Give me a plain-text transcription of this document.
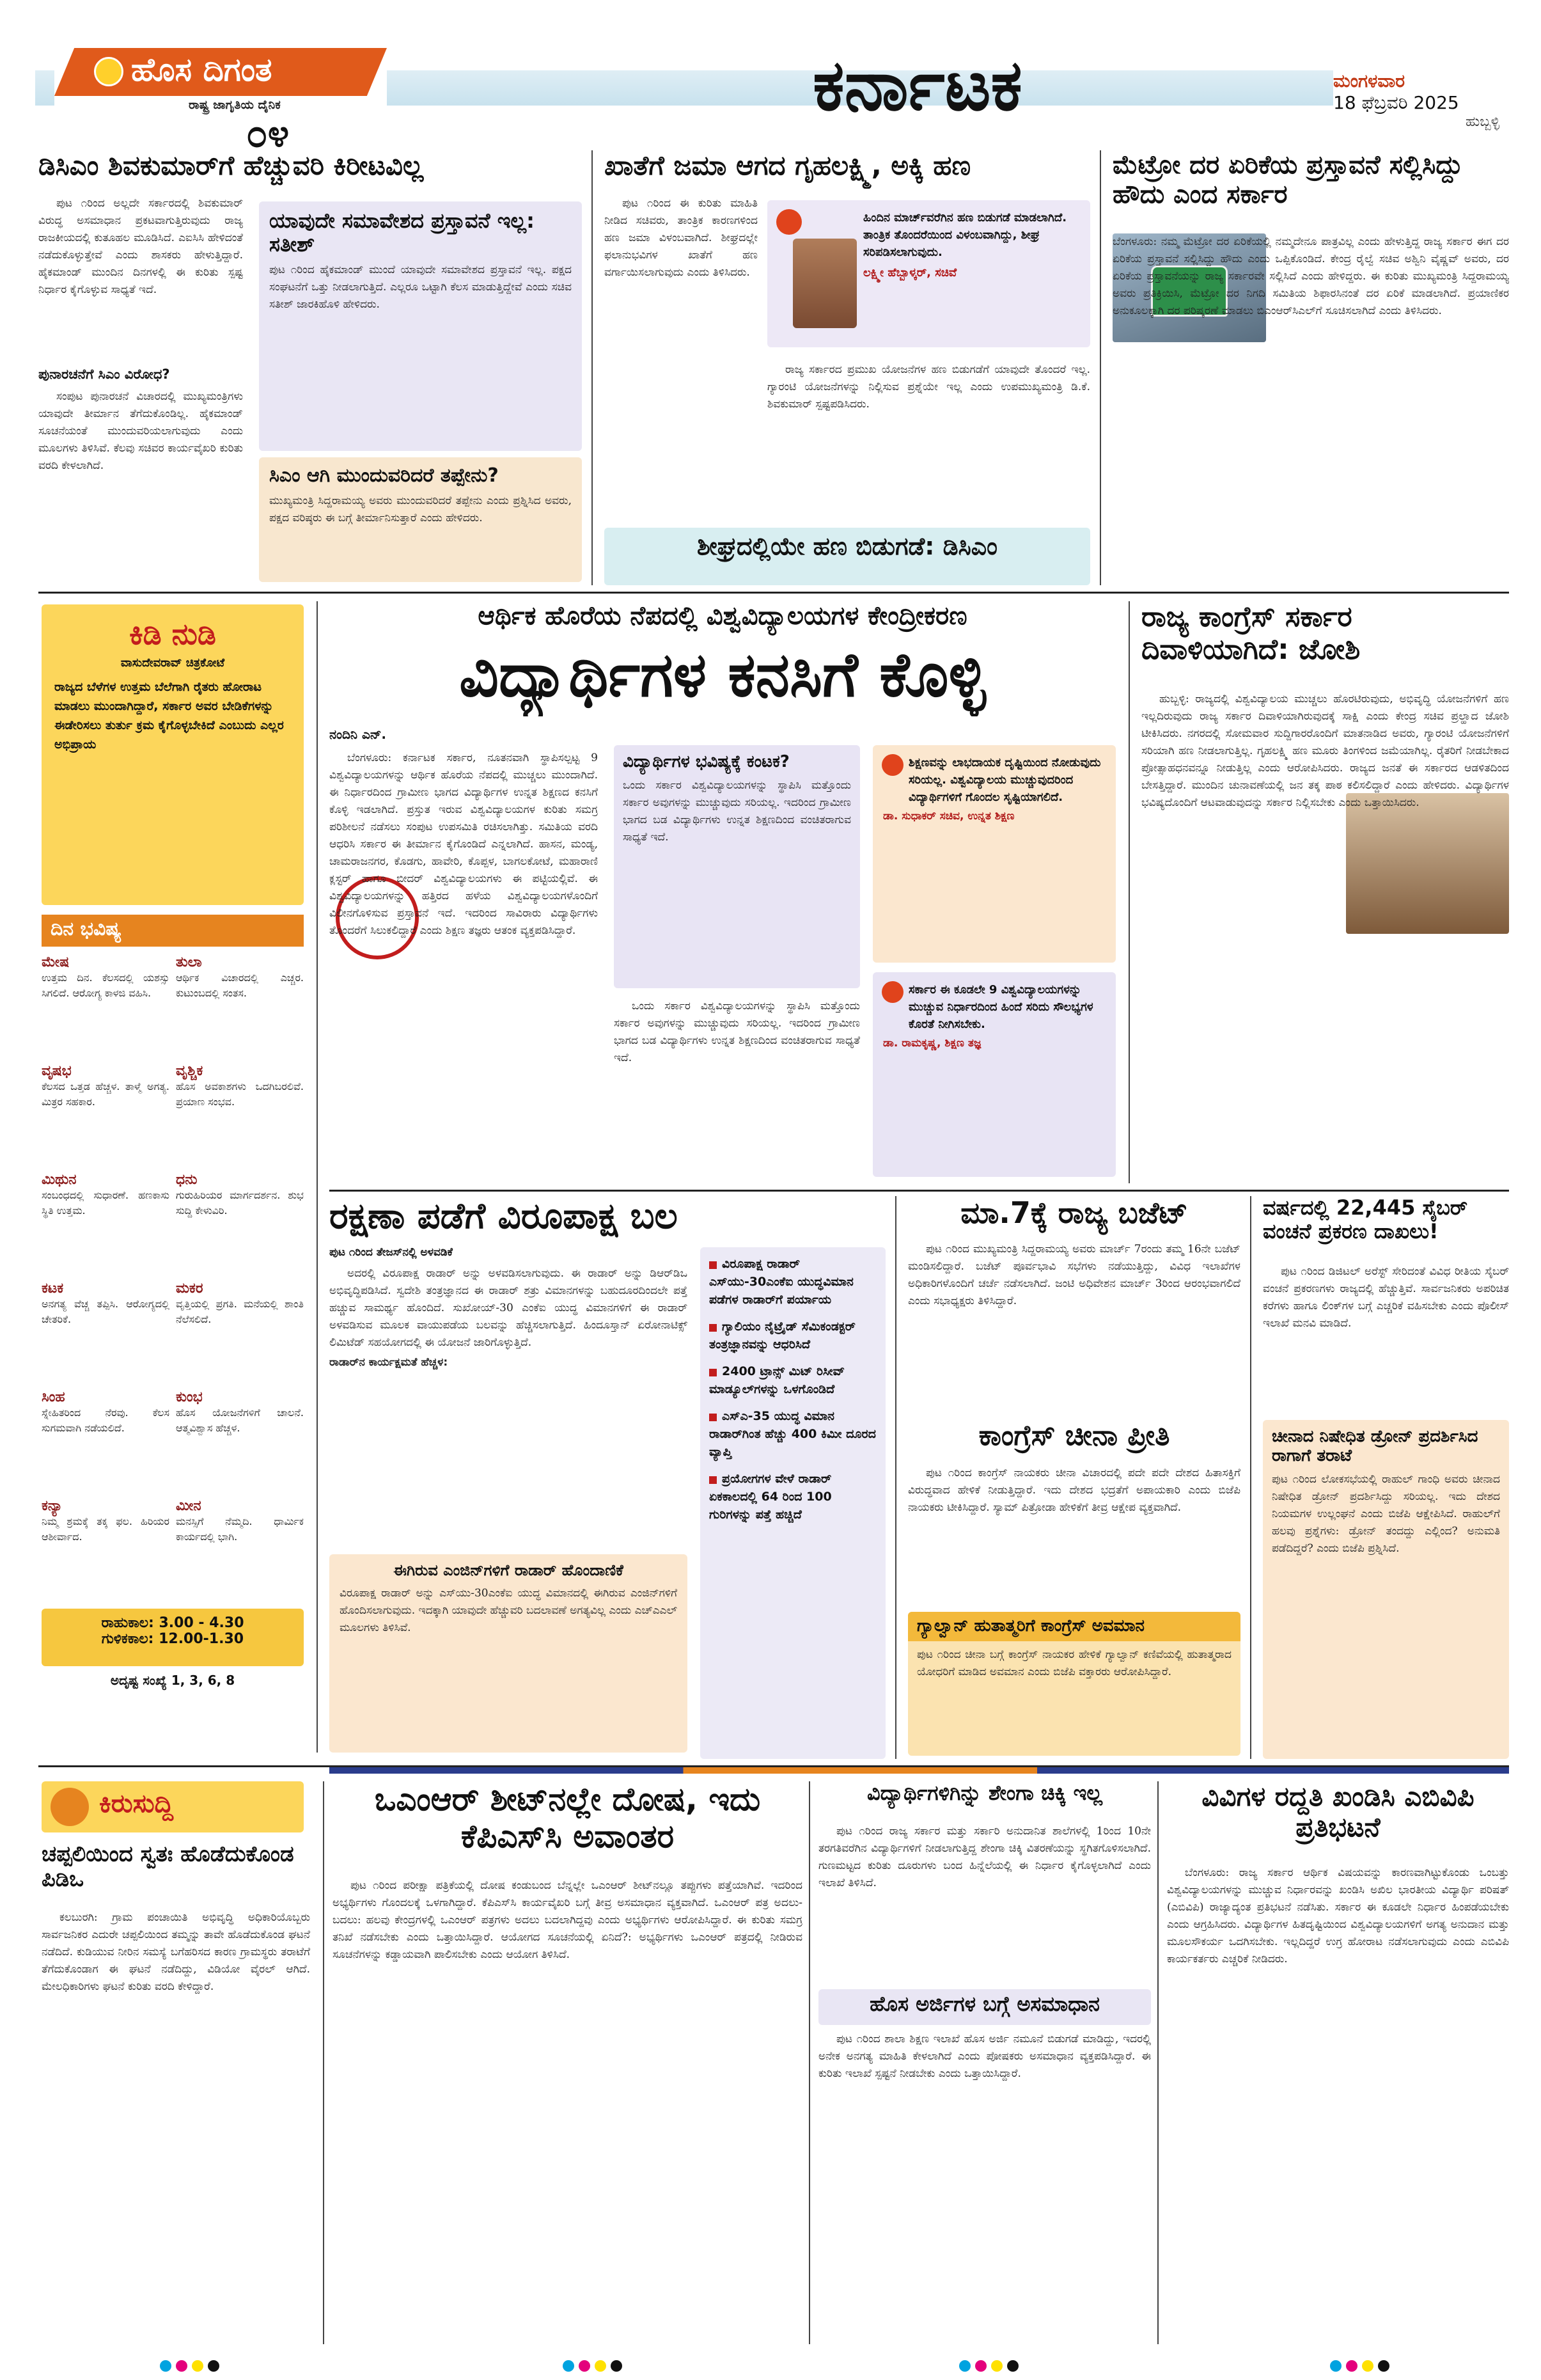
ಹೊಸ ದಿಗಂತ
ರಾಷ್ಟ್ರ ಜಾಗೃತಿಯ ದೈನಿಕ
೦೪
ಕರ್ನಾಟಕ	ಮಂಗಳವಾರ
18 ಫೆಬ್ರವರಿ 2025
ಹುಬ್ಬಳ್ಳಿ
ಡಿಸಿಎಂ ಶಿವಕುಮಾರ್‌ಗೆ ಹೆಚ್ಚುವರಿ ಕಿರೀಟವಿಲ್ಲ

ಪುಟ ೧ರಿಂದ ಅಲ್ಲದೇ ಸರ್ಕಾರದಲ್ಲಿ ಶಿವಕುಮಾರ್ ವಿರುದ್ಧ ಅಸಮಾಧಾನ ಪ್ರಕಟವಾಗುತ್ತಿರುವುದು ರಾಜ್ಯ ರಾಜಕೀಯದಲ್ಲಿ ಕುತೂಹಲ ಮೂಡಿಸಿದೆ. ಎಐಸಿಸಿ ಹೇಳಿದಂತೆ ನಡೆದುಕೊಳ್ಳುತ್ತೇವೆ ಎಂದು ಶಾಸಕರು ಹೇಳುತ್ತಿದ್ದಾರೆ. ಹೈಕಮಾಂಡ್ ಮುಂದಿನ ದಿನಗಳಲ್ಲಿ ಈ ಕುರಿತು ಸ್ಪಷ್ಟ ನಿರ್ಧಾರ ಕೈಗೊಳ್ಳುವ ಸಾಧ್ಯತೆ ಇದೆ.

ಪುನಾರಚನೆಗೆ ಸಿಎಂ ವಿರೋಧ?

ಸಂಪುಟ ಪುನಾರಚನೆ ವಿಚಾರದಲ್ಲಿ ಮುಖ್ಯಮಂತ್ರಿಗಳು ಯಾವುದೇ ತೀರ್ಮಾನ ತೆಗೆದುಕೊಂಡಿಲ್ಲ. ಹೈಕಮಾಂಡ್ ಸೂಚನೆಯಂತೆ ಮುಂದುವರಿಯಲಾಗುವುದು ಎಂದು ಮೂಲಗಳು ತಿಳಿಸಿವೆ. ಕೆಲವು ಸಚಿವರ ಕಾರ್ಯವೈಖರಿ ಕುರಿತು ವರದಿ ಕೇಳಲಾಗಿದೆ.

ಯಾವುದೇ ಸಮಾವೇಶದ ಪ್ರಸ್ತಾವನೆ ಇಲ್ಲ: ಸತೀಶ್
ಪುಟ ೧ರಿಂದ ಹೈಕಮಾಂಡ್ ಮುಂದೆ ಯಾವುದೇ ಸಮಾವೇಶದ ಪ್ರಸ್ತಾವನೆ ಇಲ್ಲ. ಪಕ್ಷದ ಸಂಘಟನೆಗೆ ಒತ್ತು ನೀಡಲಾಗುತ್ತಿದೆ. ಎಲ್ಲರೂ ಒಟ್ಟಾಗಿ ಕೆಲಸ ಮಾಡುತ್ತಿದ್ದೇವೆ ಎಂದು ಸಚಿವ ಸತೀಶ್ ಜಾರಕಿಹೊಳಿ ಹೇಳಿದರು.
ಸಿಎಂ ಆಗಿ ಮುಂದುವರಿದರೆ ತಪ್ಪೇನು?
ಮುಖ್ಯಮಂತ್ರಿ ಸಿದ್ದರಾಮಯ್ಯ ಅವರು ಮುಂದುವರಿದರೆ ತಪ್ಪೇನು ಎಂದು ಪ್ರಶ್ನಿಸಿದ ಅವರು, ಪಕ್ಷದ ವರಿಷ್ಠರು ಈ ಬಗ್ಗೆ ತೀರ್ಮಾನಿಸುತ್ತಾರೆ ಎಂದು ಹೇಳಿದರು.
ಖಾತೆಗೆ ಜಮಾ ಆಗದ ಗೃಹಲಕ್ಷ್ಮಿ, ಅಕ್ಕಿ ಹಣ

ಪುಟ ೧ರಿಂದ ಈ ಕುರಿತು ಮಾಹಿತಿ ನೀಡಿದ ಸಚಿವರು, ತಾಂತ್ರಿಕ ಕಾರಣಗಳಿಂದ ಹಣ ಜಮಾ ವಿಳಂಬವಾಗಿದೆ. ಶೀಘ್ರದಲ್ಲೇ ಫಲಾನುಭವಿಗಳ ಖಾತೆಗೆ ಹಣ ವರ್ಗಾಯಿಸಲಾಗುವುದು ಎಂದು ತಿಳಿಸಿದರು.

ಹಿಂದಿನ ಮಾರ್ಚ್‌ವರೆಗಿನ ಹಣ ಬಿಡುಗಡೆ ಮಾಡಲಾಗಿದೆ. ತಾಂತ್ರಿಕ ತೊಂದರೆಯಿಂದ ವಿಳಂಬವಾಗಿದ್ದು, ಶೀಘ್ರ ಸರಿಪಡಿಸಲಾಗುವುದು.
ಲಕ್ಷ್ಮೀ ಹೆಬ್ಬಾಳ್ಕರ್, ಸಚಿವೆ
ಶೀಘ್ರದಲ್ಲಿಯೇ ಹಣ ಬಿಡುಗಡೆ: ಡಿಸಿಎಂ

ರಾಜ್ಯ ಸರ್ಕಾರದ ಪ್ರಮುಖ ಯೋಜನೆಗಳ ಹಣ ಬಿಡುಗಡೆಗೆ ಯಾವುದೇ ತೊಂದರೆ ಇಲ್ಲ. ಗ್ಯಾರಂಟಿ ಯೋಜನೆಗಳನ್ನು ನಿಲ್ಲಿಸುವ ಪ್ರಶ್ನೆಯೇ ಇಲ್ಲ ಎಂದು ಉಪಮುಖ್ಯಮಂತ್ರಿ ಡಿ.ಕೆ. ಶಿವಕುಮಾರ್ ಸ್ಪಷ್ಟಪಡಿಸಿದರು.

ಮೆಟ್ರೋ ದರ ಏರಿಕೆಯ ಪ್ರಸ್ತಾವನೆ ಸಲ್ಲಿಸಿದ್ದು ಹೌದು ಎಂದ ಸರ್ಕಾರ

ಬೆಂಗಳೂರು: ನಮ್ಮ ಮೆಟ್ರೋ ದರ ಏರಿಕೆಯಲ್ಲಿ ನಮ್ಮದೇನೂ ಪಾತ್ರವಿಲ್ಲ ಎಂದು ಹೇಳುತ್ತಿದ್ದ ರಾಜ್ಯ ಸರ್ಕಾರ ಈಗ ದರ ಏರಿಕೆಯ ಪ್ರಸ್ತಾವನೆ ಸಲ್ಲಿಸಿದ್ದು ಹೌದು ಎಂದು ಒಪ್ಪಿಕೊಂಡಿದೆ. ಕೇಂದ್ರ ರೈಲ್ವೆ ಸಚಿವ ಅಶ್ವಿನಿ ವೈಷ್ಣವ್ ಅವರು, ದರ ಏರಿಕೆಯ ಪ್ರಸ್ತಾವನೆಯನ್ನು ರಾಜ್ಯ ಸರ್ಕಾರವೇ ಸಲ್ಲಿಸಿದೆ ಎಂದು ಹೇಳಿದ್ದರು. ಈ ಕುರಿತು ಮುಖ್ಯಮಂತ್ರಿ ಸಿದ್ದರಾಮಯ್ಯ ಅವರು ಪ್ರತಿಕ್ರಿಯಿಸಿ, ಮೆಟ್ರೋ ದರ ನಿಗದಿ ಸಮಿತಿಯ ಶಿಫಾರಸಿನಂತೆ ದರ ಏರಿಕೆ ಮಾಡಲಾಗಿದೆ. ಪ್ರಯಾಣಿಕರ ಅನುಕೂಲಕ್ಕಾಗಿ ದರ ಪರಿಷ್ಕರಣೆ ಮಾಡಲು ಬಿಎಂಆರ್‌ಸಿಎಲ್‌ಗೆ ಸೂಚಿಸಲಾಗಿದೆ ಎಂದು ತಿಳಿಸಿದರು.

ಕಿಡಿ ನುಡಿ
ವಾಸುದೇವರಾವ್ ಚಿತ್ರಕೋಟೆ
ರಾಜ್ಯದ ಬೆಳೆಗಳ ಉತ್ತಮ ಬೆಲೆಗಾಗಿ ರೈತರು ಹೋರಾಟ ಮಾಡಲು ಮುಂದಾಗಿದ್ದಾರೆ, ಸರ್ಕಾರ ಅವರ ಬೇಡಿಕೆಗಳನ್ನು ಈಡೇರಿಸಲು ತುರ್ತು ಕ್ರಮ ಕೈಗೊಳ್ಳಬೇಕಿದೆ ಎಂಬುದು ಎಲ್ಲರ ಅಭಿಪ್ರಾಯ
ದಿನ ಭವಿಷ್ಯ
ಮೇಷ
ಉತ್ತಮ ದಿನ. ಕೆಲಸದಲ್ಲಿ ಯಶಸ್ಸು ಸಿಗಲಿದೆ. ಆರೋಗ್ಯ ಕಾಳಜಿ ವಹಿಸಿ.
ತುಲಾ
ಆರ್ಥಿಕ ವಿಚಾರದಲ್ಲಿ ಎಚ್ಚರ. ಕುಟುಂಬದಲ್ಲಿ ಸಂತಸ.
ವೃಷಭ
ಕೆಲಸದ ಒತ್ತಡ ಹೆಚ್ಚಳ. ತಾಳ್ಮೆ ಅಗತ್ಯ. ಮಿತ್ರರ ಸಹಕಾರ.
ವೃಶ್ಚಿಕ
ಹೊಸ ಅವಕಾಶಗಳು ಒದಗಿಬರಲಿವೆ. ಪ್ರಯಾಣ ಸಂಭವ.
ಮಿಥುನ
ಸಂಬಂಧದಲ್ಲಿ ಸುಧಾರಣೆ. ಹಣಕಾಸು ಸ್ಥಿತಿ ಉತ್ತಮ.
ಧನು
ಗುರುಹಿರಿಯರ ಮಾರ್ಗದರ್ಶನ. ಶುಭ ಸುದ್ದಿ ಕೇಳುವಿರಿ.
ಕಟಕ
ಅನಗತ್ಯ ವೆಚ್ಚ ತಪ್ಪಿಸಿ. ಆರೋಗ್ಯದಲ್ಲಿ ಚೇತರಿಕೆ.
ಮಕರ
ವೃತ್ತಿಯಲ್ಲಿ ಪ್ರಗತಿ. ಮನೆಯಲ್ಲಿ ಶಾಂತಿ ನೆಲೆಸಲಿದೆ.
ಸಿಂಹ
ಸ್ನೇಹಿತರಿಂದ ನೆರವು. ಕೆಲಸ ಸುಗಮವಾಗಿ ನಡೆಯಲಿದೆ.
ಕುಂಭ
ಹೊಸ ಯೋಜನೆಗಳಿಗೆ ಚಾಲನೆ. ಆತ್ಮವಿಶ್ವಾಸ ಹೆಚ್ಚಳ.
ಕನ್ಯಾ
ನಿಮ್ಮ ಶ್ರಮಕ್ಕೆ ತಕ್ಕ ಫಲ. ಹಿರಿಯರ ಆಶೀರ್ವಾದ.
ಮೀನ
ಮನಸ್ಸಿಗೆ ನೆಮ್ಮದಿ. ಧಾರ್ಮಿಕ ಕಾರ್ಯದಲ್ಲಿ ಭಾಗಿ.
ರಾಹುಕಾಲ: 3.00 - 4.30
ಗುಳಿಕಕಾಲ: 12.00-1.30
ಅದೃಷ್ಟ ಸಂಖ್ಯೆ 1, 3, 6, 8
ಆರ್ಥಿಕ ಹೊರೆಯ ನೆಪದಲ್ಲಿ ವಿಶ್ವವಿದ್ಯಾಲಯಗಳ ಕೇಂದ್ರೀಕರಣ
ವಿದ್ಯಾರ್ಥಿಗಳ ಕನಸಿಗೆ ಕೊಳ್ಳಿ
ನಂದಿನಿ ಎನ್.

ಬೆಂಗಳೂರು: ಕರ್ನಾಟಕ ಸರ್ಕಾರ, ನೂತನವಾಗಿ ಸ್ಥಾಪಿಸಲ್ಪಟ್ಟ 9 ವಿಶ್ವವಿದ್ಯಾಲಯಗಳನ್ನು ಆರ್ಥಿಕ ಹೊರೆಯ ನೆಪದಲ್ಲಿ ಮುಚ್ಚಲು ಮುಂದಾಗಿದೆ. ಈ ನಿರ್ಧಾರದಿಂದ ಗ್ರಾಮೀಣ ಭಾಗದ ವಿದ್ಯಾರ್ಥಿಗಳ ಉನ್ನತ ಶಿಕ್ಷಣದ ಕನಸಿಗೆ ಕೊಳ್ಳಿ ಇಡಲಾಗಿದೆ. ಪ್ರಸ್ತುತ ಇರುವ ವಿಶ್ವವಿದ್ಯಾಲಯಗಳ ಕುರಿತು ಸಮಗ್ರ ಪರಿಶೀಲನೆ ನಡೆಸಲು ಸಂಪುಟ ಉಪಸಮಿತಿ ರಚಿಸಲಾಗಿತ್ತು. ಸಮಿತಿಯ ವರದಿ ಆಧರಿಸಿ ಸರ್ಕಾರ ಈ ತೀರ್ಮಾನ ಕೈಗೊಂಡಿದೆ ಎನ್ನಲಾಗಿದೆ. ಹಾಸನ, ಮಂಡ್ಯ, ಚಾಮರಾಜನಗರ, ಕೊಡಗು, ಹಾವೇರಿ, ಕೊಪ್ಪಳ, ಬಾಗಲಕೋಟೆ, ಮಹಾರಾಣಿ ಕ್ಲಸ್ಟರ್ ಹಾಗೂ ಬೀದರ್ ವಿಶ್ವವಿದ್ಯಾಲಯಗಳು ಈ ಪಟ್ಟಿಯಲ್ಲಿವೆ. ಈ ವಿಶ್ವವಿದ್ಯಾಲಯಗಳನ್ನು ಹತ್ತಿರದ ಹಳೆಯ ವಿಶ್ವವಿದ್ಯಾಲಯಗಳೊಂದಿಗೆ ವಿಲೀನಗೊಳಿಸುವ ಪ್ರಸ್ತಾವನೆ ಇದೆ. ಇದರಿಂದ ಸಾವಿರಾರು ವಿದ್ಯಾರ್ಥಿಗಳು ತೊಂದರೆಗೆ ಸಿಲುಕಲಿದ್ದಾರೆ ಎಂದು ಶಿಕ್ಷಣ ತಜ್ಞರು ಆತಂಕ ವ್ಯಕ್ತಪಡಿಸಿದ್ದಾರೆ.

ವಿದ್ಯಾರ್ಥಿಗಳ ಭವಿಷ್ಯಕ್ಕೆ ಕಂಟಕ?
ಒಂದು ಸರ್ಕಾರ ವಿಶ್ವವಿದ್ಯಾಲಯಗಳನ್ನು ಸ್ಥಾಪಿಸಿ ಮತ್ತೊಂದು ಸರ್ಕಾರ ಅವುಗಳನ್ನು ಮುಚ್ಚುವುದು ಸರಿಯಲ್ಲ. ಇದರಿಂದ ಗ್ರಾಮೀಣ ಭಾಗದ ಬಡ ವಿದ್ಯಾರ್ಥಿಗಳು ಉನ್ನತ ಶಿಕ್ಷಣದಿಂದ ವಂಚಿತರಾಗುವ ಸಾಧ್ಯತೆ ಇದೆ.

ಒಂದು ಸರ್ಕಾರ ವಿಶ್ವವಿದ್ಯಾಲಯಗಳನ್ನು ಸ್ಥಾಪಿಸಿ ಮತ್ತೊಂದು ಸರ್ಕಾರ ಅವುಗಳನ್ನು ಮುಚ್ಚುವುದು ಸರಿಯಲ್ಲ. ಇದರಿಂದ ಗ್ರಾಮೀಣ ಭಾಗದ ಬಡ ವಿದ್ಯಾರ್ಥಿಗಳು ಉನ್ನತ ಶಿಕ್ಷಣದಿಂದ ವಂಚಿತರಾಗುವ ಸಾಧ್ಯತೆ ಇದೆ.

ಶಿಕ್ಷಣವನ್ನು ಲಾಭದಾಯಕ ದೃಷ್ಟಿಯಿಂದ ನೋಡುವುದು ಸರಿಯಲ್ಲ. ವಿಶ್ವವಿದ್ಯಾಲಯ ಮುಚ್ಚುವುದರಿಂದ ವಿದ್ಯಾರ್ಥಿಗಳಿಗೆ ಗೊಂದಲ ಸೃಷ್ಟಿಯಾಗಲಿದೆ.
ಡಾ. ಸುಧಾಕರ್ ಸಚಿವ, ಉನ್ನತ ಶಿಕ್ಷಣ
ಸರ್ಕಾರ ಈ ಕೂಡಲೇ 9 ವಿಶ್ವವಿದ್ಯಾಲಯಗಳನ್ನು ಮುಚ್ಚುವ ನಿರ್ಧಾರದಿಂದ ಹಿಂದೆ ಸರಿದು ಸೌಲಭ್ಯಗಳ ಕೊರತೆ ನೀಗಿಸಬೇಕು.
ಡಾ. ರಾಮಕೃಷ್ಣ, ಶಿಕ್ಷಣ ತಜ್ಞ
ರಾಜ್ಯ ಕಾಂಗ್ರೆಸ್ ಸರ್ಕಾರ ದಿವಾಳಿಯಾಗಿದೆ: ಜೋಶಿ

ಹುಬ್ಬಳ್ಳಿ: ರಾಜ್ಯದಲ್ಲಿ ವಿಶ್ವವಿದ್ಯಾಲಯ ಮುಚ್ಚಲು ಹೊರಟಿರುವುದು, ಅಭಿವೃದ್ಧಿ ಯೋಜನೆಗಳಿಗೆ ಹಣ ಇಲ್ಲದಿರುವುದು ರಾಜ್ಯ ಸರ್ಕಾರ ದಿವಾಳಿಯಾಗಿರುವುದಕ್ಕೆ ಸಾಕ್ಷಿ ಎಂದು ಕೇಂದ್ರ ಸಚಿವ ಪ್ರಲ್ಹಾದ ಜೋಶಿ ಟೀಕಿಸಿದರು. ನಗರದಲ್ಲಿ ಸೋಮವಾರ ಸುದ್ದಿಗಾರರೊಂದಿಗೆ ಮಾತನಾಡಿದ ಅವರು, ಗ್ಯಾರಂಟಿ ಯೋಜನೆಗಳಿಗೆ ಸರಿಯಾಗಿ ಹಣ ನೀಡಲಾಗುತ್ತಿಲ್ಲ. ಗೃಹಲಕ್ಷ್ಮಿ ಹಣ ಮೂರು ತಿಂಗಳಿಂದ ಜಮೆಯಾಗಿಲ್ಲ. ರೈತರಿಗೆ ನೀಡಬೇಕಾದ ಪ್ರೋತ್ಸಾಹಧನವನ್ನೂ ನೀಡುತ್ತಿಲ್ಲ ಎಂದು ಆರೋಪಿಸಿದರು. ರಾಜ್ಯದ ಜನತೆ ಈ ಸರ್ಕಾರದ ಆಡಳಿತದಿಂದ ಬೇಸತ್ತಿದ್ದಾರೆ. ಮುಂದಿನ ಚುನಾವಣೆಯಲ್ಲಿ ಜನ ತಕ್ಕ ಪಾಠ ಕಲಿಸಲಿದ್ದಾರೆ ಎಂದು ಹೇಳಿದರು. ವಿದ್ಯಾರ್ಥಿಗಳ ಭವಿಷ್ಯದೊಂದಿಗೆ ಆಟವಾಡುವುದನ್ನು ಸರ್ಕಾರ ನಿಲ್ಲಿಸಬೇಕು ಎಂದು ಒತ್ತಾಯಿಸಿದರು.

ರಕ್ಷಣಾ ಪಡೆಗೆ ವಿರೂಪಾಕ್ಷ ಬಲ
ಪುಟ ೧ರಿಂದ ತೇಜಸ್‌ನಲ್ಲಿ ಅಳವಡಿಕೆ

ಅದರಲ್ಲಿ ವಿರೂಪಾಕ್ಷ ರಾಡಾರ್ ಅನ್ನು ಅಳವಡಿಸಲಾಗುವುದು. ಈ ರಾಡಾರ್ ಅನ್ನು ಡಿಆರ್‌ಡಿಒ ಅಭಿವೃದ್ಧಿಪಡಿಸಿದೆ. ಸ್ವದೇಶಿ ತಂತ್ರಜ್ಞಾನದ ಈ ರಾಡಾರ್ ಶತ್ರು ವಿಮಾನಗಳನ್ನು ಬಹುದೂರದಿಂದಲೇ ಪತ್ತೆ ಹಚ್ಚುವ ಸಾಮರ್ಥ್ಯ ಹೊಂದಿದೆ. ಸುಖೋಯ್-30 ಎಂಕೆಐ ಯುದ್ಧ ವಿಮಾನಗಳಿಗೆ ಈ ರಾಡಾರ್ ಅಳವಡಿಸುವ ಮೂಲಕ ವಾಯುಪಡೆಯ ಬಲವನ್ನು ಹೆಚ್ಚಿಸಲಾಗುತ್ತಿದೆ. ಹಿಂದೂಸ್ತಾನ್ ಏರೋನಾಟಿಕ್ಸ್ ಲಿಮಿಟೆಡ್ ಸಹಯೋಗದಲ್ಲಿ ಈ ಯೋಜನೆ ಜಾರಿಗೊಳ್ಳುತ್ತಿದೆ.

ರಾಡಾರ್‌ನ ಕಾರ್ಯಕ್ಷಮತೆ ಹೆಚ್ಚಳ:

ವಿರೂಪಾಕ್ಷ ರಾಡಾರ್ ಎಸ್‌ಯು-30ಎಂಕೆಐ ಯುದ್ಧವಿಮಾನ ಪಡೆಗಳ ರಾಡಾರ್‌ಗೆ ಪರ್ಯಾಯ
ಗ್ಯಾಲಿಯಂ ನೈಟ್ರೈಡ್ ಸೆಮಿಕಂಡಕ್ಟರ್ ತಂತ್ರಜ್ಞಾನವನ್ನು ಆಧರಿಸಿದೆ
2400 ಟ್ರಾನ್ಸ್ ಮಿಟ್ ರಿಸೀವ್ ಮಾಡ್ಯೂಲ್‌ಗಳನ್ನು ಒಳಗೊಂಡಿದೆ
ಎಸ್ಎ-35 ಯುದ್ಧ ವಿಮಾನ ರಾಡಾರ್‌ಗಿಂತ ಹೆಚ್ಚು 400 ಕಿಮೀ ದೂರದ ವ್ಯಾಪ್ತಿ
ಪ್ರಯೋಗಗಳ ವೇಳೆ ರಾಡಾರ್ ಏಕಕಾಲದಲ್ಲಿ 64 ರಿಂದ 100 ಗುರಿಗಳನ್ನು ಪತ್ತೆ ಹಚ್ಚಿದೆ
ಈಗಿರುವ ಎಂಜಿನ್‌ಗಳಿಗೆ ರಾಡಾರ್ ಹೊಂದಾಣಿಕೆ
ವಿರೂಪಾಕ್ಷ ರಾಡಾರ್ ಅನ್ನು ಎಸ್‌ಯು-30ಎಂಕೆಐ ಯುದ್ಧ ವಿಮಾನದಲ್ಲಿ ಈಗಿರುವ ಎಂಜಿನ್‌ಗಳಿಗೆ ಹೊಂದಿಸಲಾಗುವುದು. ಇದಕ್ಕಾಗಿ ಯಾವುದೇ ಹೆಚ್ಚುವರಿ ಬದಲಾವಣೆ ಅಗತ್ಯವಿಲ್ಲ ಎಂದು ಎಚ್‌ಎಎಲ್ ಮೂಲಗಳು ತಿಳಿಸಿವೆ.
ಮಾ.7ಕ್ಕೆ ರಾಜ್ಯ ಬಜೆಟ್

ಪುಟ ೧ರಿಂದ ಮುಖ್ಯಮಂತ್ರಿ ಸಿದ್ದರಾಮಯ್ಯ ಅವರು ಮಾರ್ಚ್ 7ರಂದು ತಮ್ಮ 16ನೇ ಬಜೆಟ್ ಮಂಡಿಸಲಿದ್ದಾರೆ. ಬಜೆಟ್ ಪೂರ್ವಭಾವಿ ಸಭೆಗಳು ನಡೆಯುತ್ತಿದ್ದು, ವಿವಿಧ ಇಲಾಖೆಗಳ ಅಧಿಕಾರಿಗಳೊಂದಿಗೆ ಚರ್ಚೆ ನಡೆಸಲಾಗಿದೆ. ಜಂಟಿ ಅಧಿವೇಶನ ಮಾರ್ಚ್ 3ರಿಂದ ಆರಂಭವಾಗಲಿದೆ ಎಂದು ಸಭಾಧ್ಯಕ್ಷರು ತಿಳಿಸಿದ್ದಾರೆ.

ಕಾಂಗ್ರೆಸ್ ಚೀನಾ ಪ್ರೀತಿ

ಪುಟ ೧ರಿಂದ ಕಾಂಗ್ರೆಸ್ ನಾಯಕರು ಚೀನಾ ವಿಚಾರದಲ್ಲಿ ಪದೇ ಪದೇ ದೇಶದ ಹಿತಾಸಕ್ತಿಗೆ ವಿರುದ್ಧವಾದ ಹೇಳಿಕೆ ನೀಡುತ್ತಿದ್ದಾರೆ. ಇದು ದೇಶದ ಭದ್ರತೆಗೆ ಅಪಾಯಕಾರಿ ಎಂದು ಬಿಜೆಪಿ ನಾಯಕರು ಟೀಕಿಸಿದ್ದಾರೆ. ಸ್ಯಾಮ್ ಪಿತ್ರೋಡಾ ಹೇಳಿಕೆಗೆ ತೀವ್ರ ಆಕ್ಷೇಪ ವ್ಯಕ್ತವಾಗಿದೆ.

ಗ್ಯಾಲ್ವಾನ್ ಹುತಾತ್ಮರಿಗೆ ಕಾಂಗ್ರೆಸ್ ಅವಮಾನ
ಪುಟ ೧ರಿಂದ ಚೀನಾ ಬಗ್ಗೆ ಕಾಂಗ್ರೆಸ್ ನಾಯಕರ ಹೇಳಿಕೆ ಗ್ಯಾಲ್ವಾನ್ ಕಣಿವೆಯಲ್ಲಿ ಹುತಾತ್ಮರಾದ ಯೋಧರಿಗೆ ಮಾಡಿದ ಅವಮಾನ ಎಂದು ಬಿಜೆಪಿ ವಕ್ತಾರರು ಆರೋಪಿಸಿದ್ದಾರೆ.
ವರ್ಷದಲ್ಲಿ 22,445 ಸೈಬರ್ ವಂಚನೆ ಪ್ರಕರಣ ದಾಖಲು!

ಪುಟ ೧ರಿಂದ ಡಿಜಿಟಲ್ ಅರೆಸ್ಟ್ ಸೇರಿದಂತೆ ವಿವಿಧ ರೀತಿಯ ಸೈಬರ್ ವಂಚನೆ ಪ್ರಕರಣಗಳು ರಾಜ್ಯದಲ್ಲಿ ಹೆಚ್ಚುತ್ತಿವೆ. ಸಾರ್ವಜನಿಕರು ಅಪರಿಚಿತ ಕರೆಗಳು ಹಾಗೂ ಲಿಂಕ್‌ಗಳ ಬಗ್ಗೆ ಎಚ್ಚರಿಕೆ ವಹಿಸಬೇಕು ಎಂದು ಪೊಲೀಸ್ ಇಲಾಖೆ ಮನವಿ ಮಾಡಿದೆ.

ಚೀನಾದ ನಿಷೇಧಿತ ಡ್ರೋನ್ ಪ್ರದರ್ಶಿಸಿದ ರಾಗಾಗೆ ತರಾಟೆ
ಪುಟ ೧ರಿಂದ ಲೋಕಸಭೆಯಲ್ಲಿ ರಾಹುಲ್ ಗಾಂಧಿ ಅವರು ಚೀನಾದ ನಿಷೇಧಿತ ಡ್ರೋನ್ ಪ್ರದರ್ಶಿಸಿದ್ದು ಸರಿಯಲ್ಲ. ಇದು ದೇಶದ ನಿಯಮಗಳ ಉಲ್ಲಂಘನೆ ಎಂದು ಬಿಜೆಪಿ ಆಕ್ಷೇಪಿಸಿದೆ. ರಾಹುಲ್‌ಗೆ ಹಲವು ಪ್ರಶ್ನೆಗಳು: ಡ್ರೋನ್ ತಂದದ್ದು ಎಲ್ಲಿಂದ? ಅನುಮತಿ ಪಡೆದಿದ್ದರೆ? ಎಂದು ಬಿಜೆಪಿ ಪ್ರಶ್ನಿಸಿದೆ.
ಕಿರುಸುದ್ದಿ
ಚಪ್ಪಲಿಯಿಂದ ಸ್ವತಃ ಹೊಡೆದುಕೊಂಡ ಪಿಡಿಒ

ಕಲಬುರಗಿ: ಗ್ರಾಮ ಪಂಚಾಯಿತಿ ಅಭಿವೃದ್ಧಿ ಅಧಿಕಾರಿಯೊಬ್ಬರು ಸಾರ್ವಜನಿಕರ ಎದುರೇ ಚಪ್ಪಲಿಯಿಂದ ತಮ್ಮನ್ನು ತಾವೇ ಹೊಡೆದುಕೊಂಡ ಘಟನೆ ನಡೆದಿದೆ. ಕುಡಿಯುವ ನೀರಿನ ಸಮಸ್ಯೆ ಬಗೆಹರಿಸದ ಕಾರಣ ಗ್ರಾಮಸ್ಥರು ತರಾಟೆಗೆ ತೆಗೆದುಕೊಂಡಾಗ ಈ ಘಟನೆ ನಡೆದಿದ್ದು, ವಿಡಿಯೋ ವೈರಲ್ ಆಗಿದೆ. ಮೇಲಧಿಕಾರಿಗಳು ಘಟನೆ ಕುರಿತು ವರದಿ ಕೇಳಿದ್ದಾರೆ.

ಒಎಂಆರ್ ಶೀಟ್‌ನಲ್ಲೇ ದೋಷ, ಇದು ಕೆಪಿಎಸ್‌ಸಿ ಅವಾಂತರ

ಪುಟ ೧ರಿಂದ ಪರೀಕ್ಷಾ ಪತ್ರಿಕೆಯಲ್ಲಿ ದೋಷ ಕಂಡುಬಂದ ಬೆನ್ನಲ್ಲೇ ಒಎಂಆರ್ ಶೀಟ್‌ನಲ್ಲೂ ತಪ್ಪುಗಳು ಪತ್ತೆಯಾಗಿವೆ. ಇದರಿಂದ ಅಭ್ಯರ್ಥಿಗಳು ಗೊಂದಲಕ್ಕೆ ಒಳಗಾಗಿದ್ದಾರೆ. ಕೆಪಿಎಸ್‌ಸಿ ಕಾರ್ಯವೈಖರಿ ಬಗ್ಗೆ ತೀವ್ರ ಅಸಮಾಧಾನ ವ್ಯಕ್ತವಾಗಿದೆ. ಒಎಂಆರ್ ಪತ್ರ ಅದಲು-ಬದಲು: ಹಲವು ಕೇಂದ್ರಗಳಲ್ಲಿ ಒಎಂಆರ್ ಪತ್ರಗಳು ಅದಲು ಬದಲಾಗಿದ್ದವು ಎಂದು ಅಭ್ಯರ್ಥಿಗಳು ಆರೋಪಿಸಿದ್ದಾರೆ. ಈ ಕುರಿತು ಸಮಗ್ರ ತನಿಖೆ ನಡೆಸಬೇಕು ಎಂದು ಒತ್ತಾಯಿಸಿದ್ದಾರೆ. ಆಯೋಗದ ಸೂಚನೆಯಲ್ಲಿ ಏನಿದೆ?: ಅಭ್ಯರ್ಥಿಗಳು ಒಎಂಆರ್ ಪತ್ರದಲ್ಲಿ ನೀಡಿರುವ ಸೂಚನೆಗಳನ್ನು ಕಡ್ಡಾಯವಾಗಿ ಪಾಲಿಸಬೇಕು ಎಂದು ಆಯೋಗ ತಿಳಿಸಿದೆ.

ವಿದ್ಯಾರ್ಥಿಗಳಿಗಿನ್ನು ಶೇಂಗಾ ಚಿಕ್ಕಿ ಇಲ್ಲ

ಪುಟ ೧ರಿಂದ ರಾಜ್ಯ ಸರ್ಕಾರ ಮತ್ತು ಸರ್ಕಾರಿ ಅನುದಾನಿತ ಶಾಲೆಗಳಲ್ಲಿ 1ರಿಂದ 10ನೇ ತರಗತಿವರೆಗಿನ ವಿದ್ಯಾರ್ಥಿಗಳಿಗೆ ನೀಡಲಾಗುತ್ತಿದ್ದ ಶೇಂಗಾ ಚಿಕ್ಕಿ ವಿತರಣೆಯನ್ನು ಸ್ಥಗಿತಗೊಳಿಸಲಾಗಿದೆ. ಗುಣಮಟ್ಟದ ಕುರಿತು ದೂರುಗಳು ಬಂದ ಹಿನ್ನೆಲೆಯಲ್ಲಿ ಈ ನಿರ್ಧಾರ ಕೈಗೊಳ್ಳಲಾಗಿದೆ ಎಂದು ಇಲಾಖೆ ತಿಳಿಸಿದೆ.

ಹೊಸ ಅರ್ಜಿಗಳ ಬಗ್ಗೆ ಅಸಮಾಧಾನ

ಪುಟ ೧ರಿಂದ ಶಾಲಾ ಶಿಕ್ಷಣ ಇಲಾಖೆ ಹೊಸ ಅರ್ಜಿ ನಮೂನೆ ಬಿಡುಗಡೆ ಮಾಡಿದ್ದು, ಇದರಲ್ಲಿ ಅನೇಕ ಅನಗತ್ಯ ಮಾಹಿತಿ ಕೇಳಲಾಗಿದೆ ಎಂದು ಪೋಷಕರು ಅಸಮಾಧಾನ ವ್ಯಕ್ತಪಡಿಸಿದ್ದಾರೆ. ಈ ಕುರಿತು ಇಲಾಖೆ ಸ್ಪಷ್ಟನೆ ನೀಡಬೇಕು ಎಂದು ಒತ್ತಾಯಿಸಿದ್ದಾರೆ.

ವಿವಿಗಳ ರದ್ದತಿ ಖಂಡಿಸಿ ಎಬಿವಿಪಿ ಪ್ರತಿಭಟನೆ

ಬೆಂಗಳೂರು: ರಾಜ್ಯ ಸರ್ಕಾರ ಆರ್ಥಿಕ ವಿಷಯವನ್ನು ಕಾರಣವಾಗಿಟ್ಟುಕೊಂಡು ಒಂಬತ್ತು ವಿಶ್ವವಿದ್ಯಾಲಯಗಳನ್ನು ಮುಚ್ಚುವ ನಿರ್ಧಾರವನ್ನು ಖಂಡಿಸಿ ಅಖಿಲ ಭಾರತೀಯ ವಿದ್ಯಾರ್ಥಿ ಪರಿಷತ್ (ಎಬಿವಿಪಿ) ರಾಜ್ಯಾದ್ಯಂತ ಪ್ರತಿಭಟನೆ ನಡೆಸಿತು. ಸರ್ಕಾರ ಈ ಕೂಡಲೇ ನಿರ್ಧಾರ ಹಿಂಪಡೆಯಬೇಕು ಎಂದು ಆಗ್ರಹಿಸಿದರು. ವಿದ್ಯಾರ್ಥಿಗಳ ಹಿತದೃಷ್ಟಿಯಿಂದ ವಿಶ್ವವಿದ್ಯಾಲಯಗಳಿಗೆ ಅಗತ್ಯ ಅನುದಾನ ಮತ್ತು ಮೂಲಸೌಕರ್ಯ ಒದಗಿಸಬೇಕು. ಇಲ್ಲದಿದ್ದರೆ ಉಗ್ರ ಹೋರಾಟ ನಡೆಸಲಾಗುವುದು ಎಂದು ಎಬಿವಿಪಿ ಕಾರ್ಯಕರ್ತರು ಎಚ್ಚರಿಕೆ ನೀಡಿದರು.
